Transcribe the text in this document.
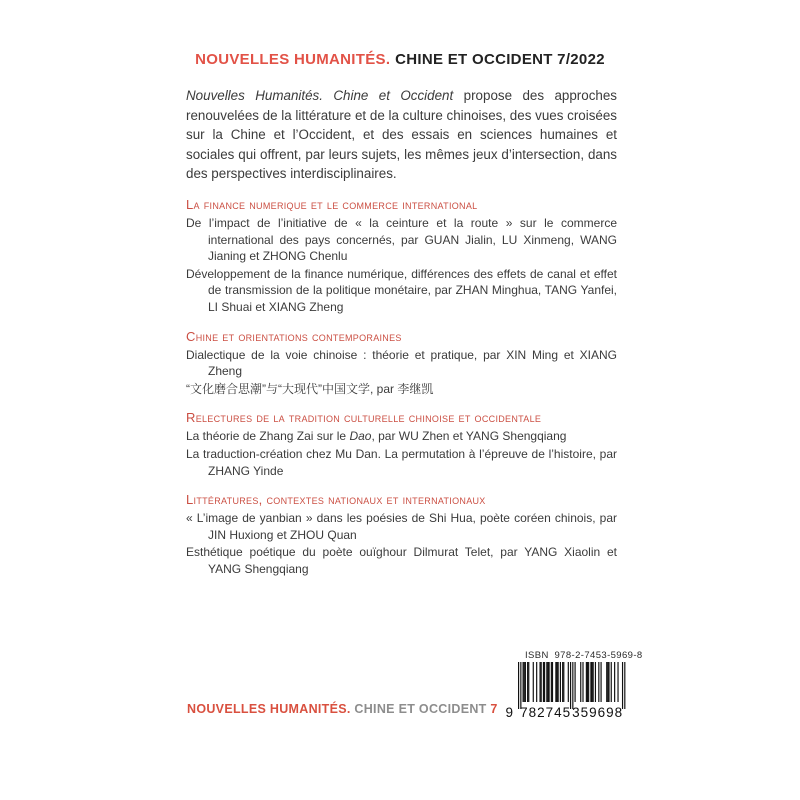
NOUVELLES HUMANITÉS. CHINE ET OCCIDENT 7/2022

Nouvelles Humanités. Chine et Occident propose des approches renouvelées de la littérature et de la culture chinoises, des vues croisées sur la Chine et l’Occident, et des essais en sciences humaines et sociales qui offrent, par leurs sujets, les mêmes jeux d’intersection, dans des perspectives interdisciplinaires.

La finance numerique et le commerce international

De l’impact de l’initiative de « la ceinture et la route » sur le commerce international des pays concernés, par GUAN Jialin, LU Xinmeng, WANG Jianing et ZHONG Chenlu

Développement de la finance numérique, différences des effets de canal et effet de transmission de la politique monétaire, par ZHAN Minghua, TANG Yanfei, LI Shuai et XIANG Zheng

Chine et orientations contemporaines

Dialectique de la voie chinoise : théorie et pratique, par XIN Ming et XIANG Zheng

“文化磨合思潮”与“大现代”中国文学, par 李继凯

Relectures de la tradition culturelle chinoise et occidentale

La théorie de Zhang Zai sur le Dao, par WU Zhen et YANG Shengqiang

La traduction-création chez Mu Dan. La permutation à l’épreuve de l’histoire, par ZHANG Yinde

Littératures, contextes nationaux et internationaux

« L’image de yanbian » dans les poésies de Shi Hua, poète coréen chinois, par JIN Huxiong et ZHOU Quan

Esthétique poétique du poète ouïghour Dilmurat Telet, par YANG Xiaolin et YANG Shengqiang

ISBN 978-2-7453-5969-8
9 782745 359698
NOUVELLES HUMANITÉS. CHINE ET OCCIDENT 7
